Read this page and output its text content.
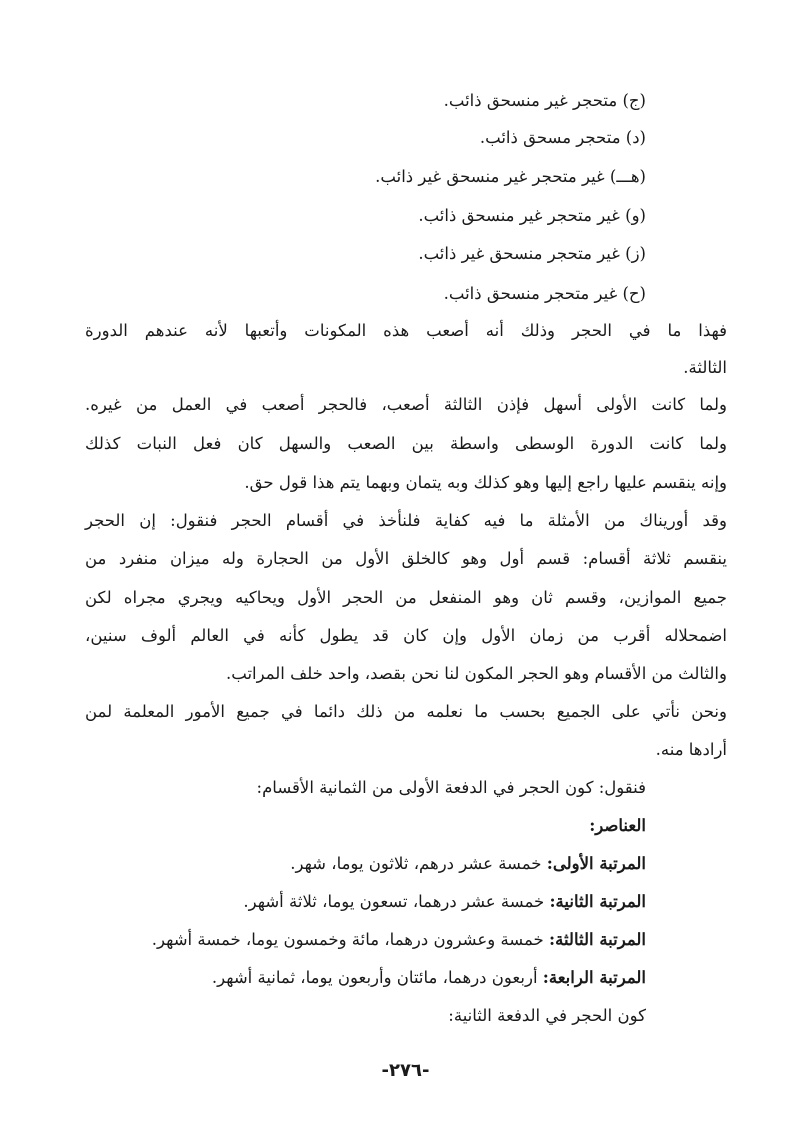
(ج) متحجر غير منسحق ذائب.
(د) متحجر مسحق ذائب.
(هـــ) غير متحجر غير منسحق غير ذائب.
(و) غير متحجر غير منسحق ذائب.
(ز) غير متحجر منسحق غير ذائب.
(ح) غير متحجر منسحق ذائب.
فهذا ما في الحجر وذلك أنه أصعب هذه المكونات وأتعبها لأنه عندهم الدورة
الثالثة.
ولما كانت الأولى أسهل فإذن الثالثة أصعب، فالحجر أصعب في العمل من غيره.
ولما كانت الدورة الوسطى واسطة بين الصعب والسهل كان فعل النبات كذلك
وإنه ينقسم عليها راجع إليها وهو كذلك وبه يتمان وبهما يتم هذا قول حق.
وقد أوريناك من الأمثلة ما فيه كفاية فلنأخذ في أقسام الحجر فنقول: إن الحجر
ينقسم ثلاثة أقسام: قسم أول وهو كالخلق الأول من الحجارة وله ميزان منفرد من
جميع الموازين، وقسم ثان وهو المنفعل من الحجر الأول ويحاكيه ويجري مجراه لكن
اضمحلاله أقرب من زمان الأول وإن كان قد يطول كأنه في العالم ألوف سنين،
والثالث من الأقسام وهو الحجر المكون لنا نحن بقصد، واحد خلف المراتب.
ونحن نأتي على الجميع بحسب ما نعلمه من ذلك دائما في جميع الأمور المعلمة لمن
أرادها منه.
فنقول: كون الحجر في الدفعة الأولى من الثمانية الأقسام:
العناصر:
المرتبة الأولى: خمسة عشر درهم، ثلاثون يوما، شهر.
المرتبة الثانية: خمسة عشر درهما، تسعون يوما، ثلاثة أشهر.
المرتبة الثالثة: خمسة وعشرون درهما، مائة وخمسون يوما، خمسة أشهر.
المرتبة الرابعة: أربعون درهما، مائتان وأربعون يوما، ثمانية أشهر.
كون الحجر في الدفعة الثانية:
-٢٧٦-
